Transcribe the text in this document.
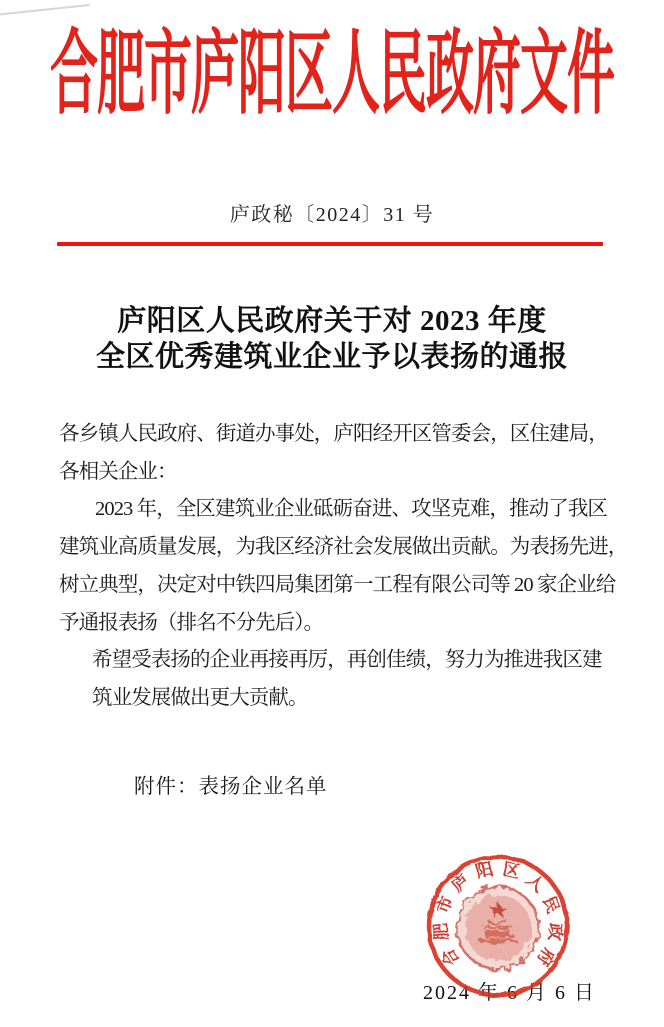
合肥市庐阳区人民政府文件
庐政秘〔2024〕31 号
庐阳区人民政府关于对 2023 年度
全区优秀建筑业企业予以表扬的通报
各乡镇人民政府、街道办事处，庐阳经开区管委会，区住建局，
各相关企业：
2023 年，全区建筑业企业砥砺奋进、攻坚克难，推动了我区
建筑业高质量发展，为我区经济社会发展做出贡献。为表扬先进，
树立典型，决定对中铁四局集团第一工程有限公司等 20 家企业给
予通报表扬（排名不分先后）。
希望受表扬的企业再接再厉，再创佳绩，努力为推进我区建
筑业发展做出更大贡献。
附件：表扬企业名单
2024 年 6 月 6 日
合
肥
市
庐 阳 区 人
民
政
府
